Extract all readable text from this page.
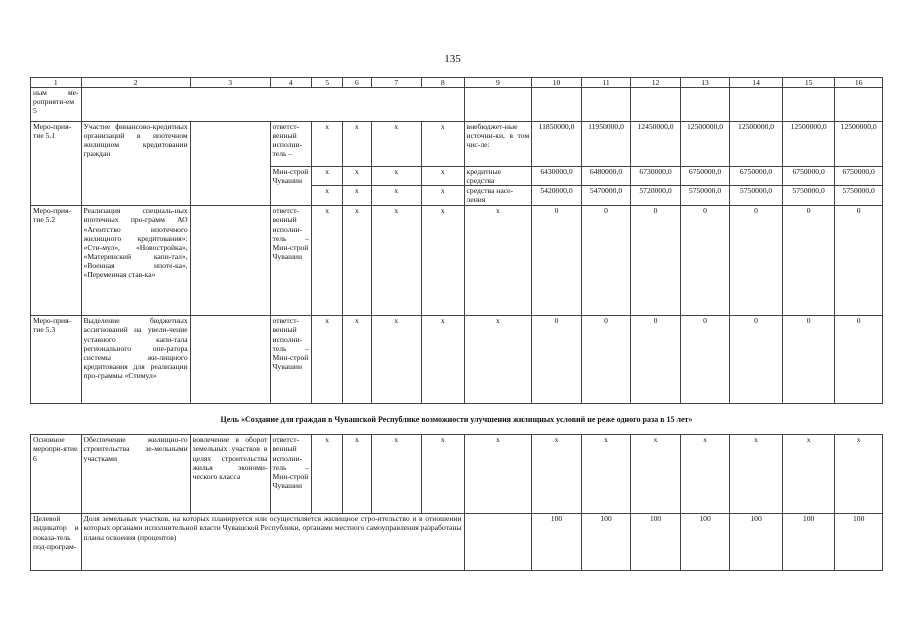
135
1	2	3	4	5	6	7	8	9	10	11	12	13	14	15	16
ным ме-роприяти-ем 5															
Меро-прия-тие 5.1	Участие финансово-кредитных организаций в ипотечном жилищном кредитовании граждан		ответст-венный исполни-тель –	x	x	x	x	внебюджет-ные источни-ки, в том чис-ле:	11850000,0	11950000,0	12450000,0	12500000,0	12500000,0	12500000,0	12500000,0
			Мин-строй Чувашии	x	x	x	x	кредитные средства	6430000,0	6480000,0	6730000,0	6750000,0	6750000,0	6750000,0	6750000,0
				x	x	x	x	средства насе-ления	5420000,0	5470000,0	5720000,0	5750000,0	5750000,0	5750000,0	5750000,0
Меро-прия-тие 5.2	Реализация специаль-ных ипотечных про-грамм АО «Агентство ипотечного жилищного кредитования»: «Сти-мул», «Новостройка», «Материнский капи-тал», «Военная ипоте-ка», «Переменная став-ка»		ответст-венный исполни-тель – Мин-строй Чувашии	x	x	x	x	x	0	0	0	0	0	0	0
Меро-прия-тие 5.3	Выделение бюджетных ассигнований на увели-чение уставного капи-тала регионального опе-ратора системы жи-лищного кредитования для реализации про-граммы «Стимул»		ответст-венный исполни-тель – Мин-строй Чувашии	x	x	x	x	x	0	0	0	0	0	0	0
Цель «Создание для граждан в Чувашской Республике возможности улучшения жилищных условий не реже одного раза в 15 лет»															
Основное меропри-ятие 6	Обеспечение жилищно-го строительства зе-мельными участками	вовлечение в оборот земельных участков в целях строительства жилья экономи-ческого класса	ответст-венный исполни-тель – Мин-строй Чувашии	x	x	x	x	x	x	x	x	x	x	x	x
Целевой индикатор и показа-тель под-програм-	Доля земельных участков, на которых планируется или осуществляется жилищное стро-ительство и в отношении которых органами исполнительной власти Чувашской Республики, органами местного самоуправления разработаны планы освоения (процентов)								100	100	100	100	100	100	100
